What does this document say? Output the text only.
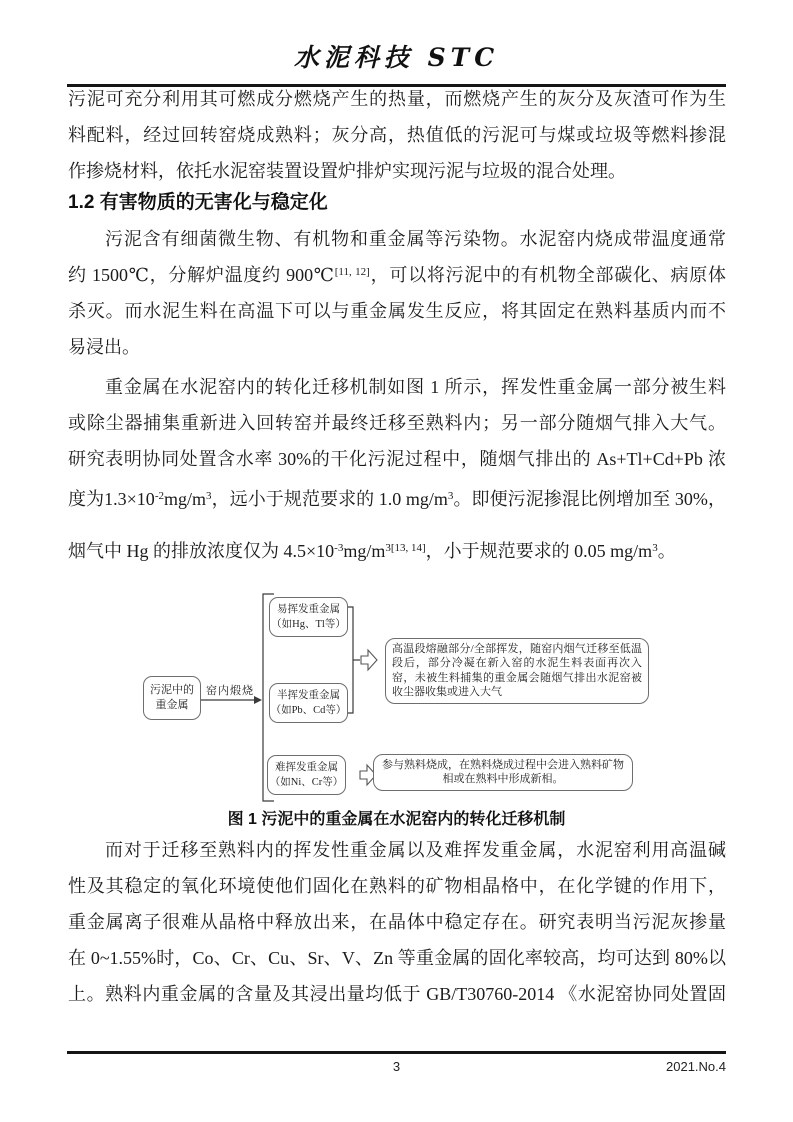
水泥科技 STC
污泥可充分利用其可燃成分燃烧产生的热量，而燃烧产生的灰分及灰渣可作为生
料配料，经过回转窑烧成熟料；灰分高，热值低的污泥可与煤或垃圾等燃料掺混
作掺烧材料，依托水泥窑装置设置炉排炉实现污泥与垃圾的混合处理。
1.2 有害物质的无害化与稳定化
污泥含有细菌微生物、有机物和重金属等污染物。水泥窑内烧成带温度通常
约 1500℃，分解炉温度约 900℃[11, 12]，可以将污泥中的有机物全部碳化、病原体
杀灭。而水泥生料在高温下可以与重金属发生反应，将其固定在熟料基质内而不
易浸出。
重金属在水泥窑内的转化迁移机制如图 1 所示，挥发性重金属一部分被生料
或除尘器捕集重新进入回转窑并最终迁移至熟料内；另一部分随烟气排入大气。
研究表明协同处置含水率 30%的干化污泥过程中，随烟气排出的 As+Tl+Cd+Pb 浓
度为$1.3\times 10^{-2}mg/m^3$，远小于规范要求的 1.0 $mg/m^3$。即便污泥掺混比例增加至 30%，
烟气中 Hg 的排放浓度仅为 $4.5\times 10^{-3}mg/m^{3[13, 14]}$，小于规范要求的 0.05 $mg/m^3$。
污泥中的
重金属
窑内煅烧
易挥发重金属
（如Hg、Tl等）
半挥发重金属
（如Pb、Cd等）
难挥发重金属
（如Ni、Cr等）
高温段熔融部分/全部挥发，随窑内烟气迁移至低温段后，部分冷凝在新入窑的水泥生料表面再次入窑，未被生料捕集的重金属会随烟气排出水泥窑被收尘器收集或进入大气
参与熟料烧成，在熟料烧成过程中会进入熟料矿物相或在熟料中形成新相。
图 1 污泥中的重金属在水泥窑内的转化迁移机制
而对于迁移至熟料内的挥发性重金属以及难挥发重金属，水泥窑利用高温碱
性及其稳定的氧化环境使他们固化在熟料的矿物相晶格中，在化学键的作用下，
重金属离子很难从晶格中释放出来，在晶体中稳定存在。研究表明当污泥灰掺量
在 0~1.55%时，Co、Cr、Cu、Sr、V、Zn 等重金属的固化率较高，均可达到 80%以
上。熟料内重金属的含量及其浸出量均低于 GB/T30760-2014 《水泥窑协同处置固
3	2021.No.4
